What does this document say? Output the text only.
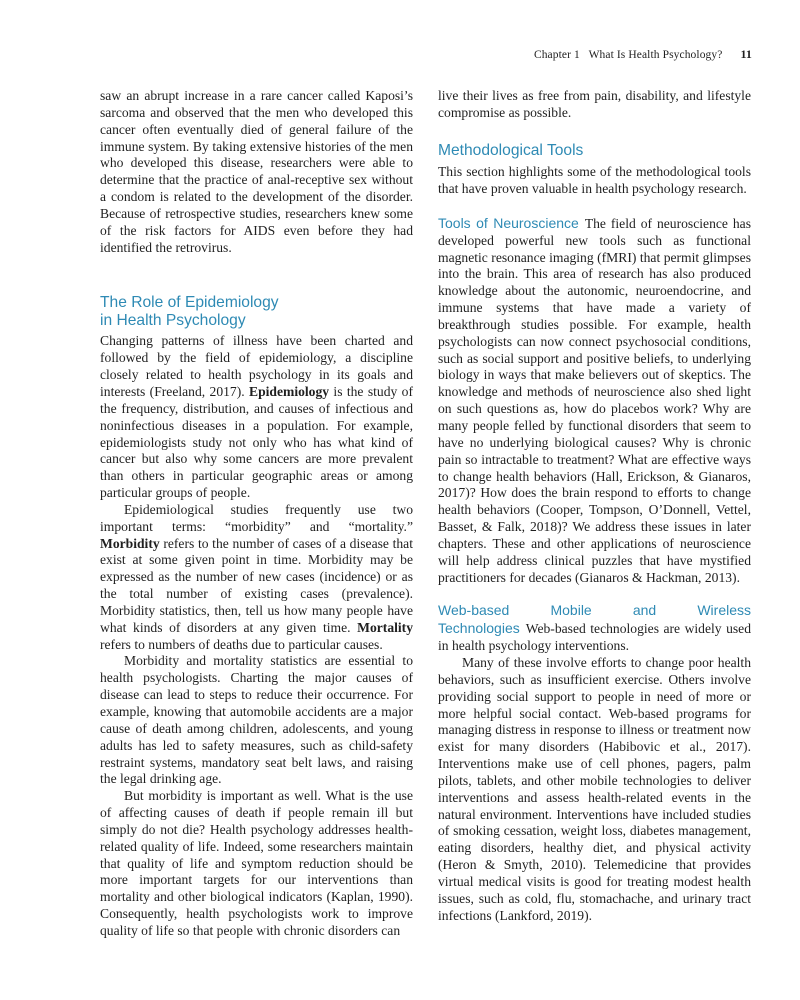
Chapter 1   What Is Health Psychology? 11

saw an abrupt increase in a rare cancer called Kaposi’s sarcoma and observed that the men who developed this cancer often eventually died of general failure of the immune system. By taking extensive histories of the men who developed this disease, researchers were able to determine that the practice of anal-receptive sex without a condom is related to the development of the disorder. Because of retrospective studies, researchers knew some of the risk factors for AIDS even before they had identified the retrovirus.

The Role of Epidemiology
in Health Psychology

Changing patterns of illness have been charted and followed by the field of epidemiology, a discipline closely related to health psychology in its goals and interests (Freeland, 2017). Epidemiology is the study of the frequency, distribution, and causes of infectious and noninfectious diseases in a population. For example, epidemiologists study not only who has what kind of cancer but also why some cancers are more prevalent than others in particular geographic areas or among particular groups of people.

Epidemiological studies frequently use two important terms: “morbidity” and “mortality.” Morbidity refers to the number of cases of a disease that exist at some given point in time. Morbidity may be expressed as the number of new cases (incidence) or as the total number of existing cases (prevalence). Morbidity statistics, then, tell us how many people have what kinds of disorders at any given time. Mortality refers to numbers of deaths due to particular causes.

Morbidity and mortality statistics are essential to health psychologists. Charting the major causes of disease can lead to steps to reduce their occurrence. For example, knowing that automobile accidents are a major cause of death among children, adolescents, and young adults has led to safety measures, such as child-safety restraint systems, mandatory seat belt laws, and raising the legal drinking age.

But morbidity is important as well. What is the use of affecting causes of death if people remain ill but simply do not die? Health psychology addresses health-related quality of life. Indeed, some researchers maintain that quality of life and symptom reduction should be more important targets for our interventions than mortality and other biological indicators (Kaplan, 1990). Consequently, health psychologists work to improve quality of life so that people with chronic disorders can

live their lives as free from pain, disability, and lifestyle compromise as possible.

Methodological Tools

This section highlights some of the methodological tools that have proven valuable in health psychology research.

Tools of Neuroscience The field of neuroscience has developed powerful new tools such as functional magnetic resonance imaging (fMRI) that permit glimpses into the brain. This area of research has also produced knowledge about the autonomic, neuroendocrine, and immune systems that have made a variety of breakthrough studies possible. For example, health psychologists can now connect psychosocial conditions, such as social support and positive beliefs, to underlying biology in ways that make believers out of skeptics. The knowledge and methods of neuroscience also shed light on such questions as, how do placebos work? Why are many people felled by functional disorders that seem to have no underlying biological causes? Why is chronic pain so intractable to treatment? What are effective ways to change health behaviors (Hall, Erickson, & Gianaros, 2017)? How does the brain respond to efforts to change health behaviors (Cooper, Tompson, O’Donnell, Vettel, Basset, & Falk, 2018)? We address these issues in later chapters. These and other applications of neuroscience will help address clinical puzzles that have mystified practitioners for decades (Gianaros & Hackman, 2013).

Web-based Mobile and Wireless Technologies Web-based technologies are widely used in health psychology interventions.

Many of these involve efforts to change poor health behaviors, such as insufficient exercise. Others involve providing social support to people in need of more or more helpful social contact. Web-based programs for managing distress in response to illness or treatment now exist for many disorders (Habibovic et al., 2017). Interventions make use of cell phones, pagers, palm pilots, tablets, and other mobile technologies to deliver interventions and assess health-related events in the natural environment. Interventions have included studies of smoking cessation, weight loss, diabetes management, eating disorders, healthy diet, and physical activity (Heron & Smyth, 2010). Telemedicine that provides virtual medical visits is good for treating modest health issues, such as cold, flu, stomachache, and urinary tract infections (Lankford, 2019).
